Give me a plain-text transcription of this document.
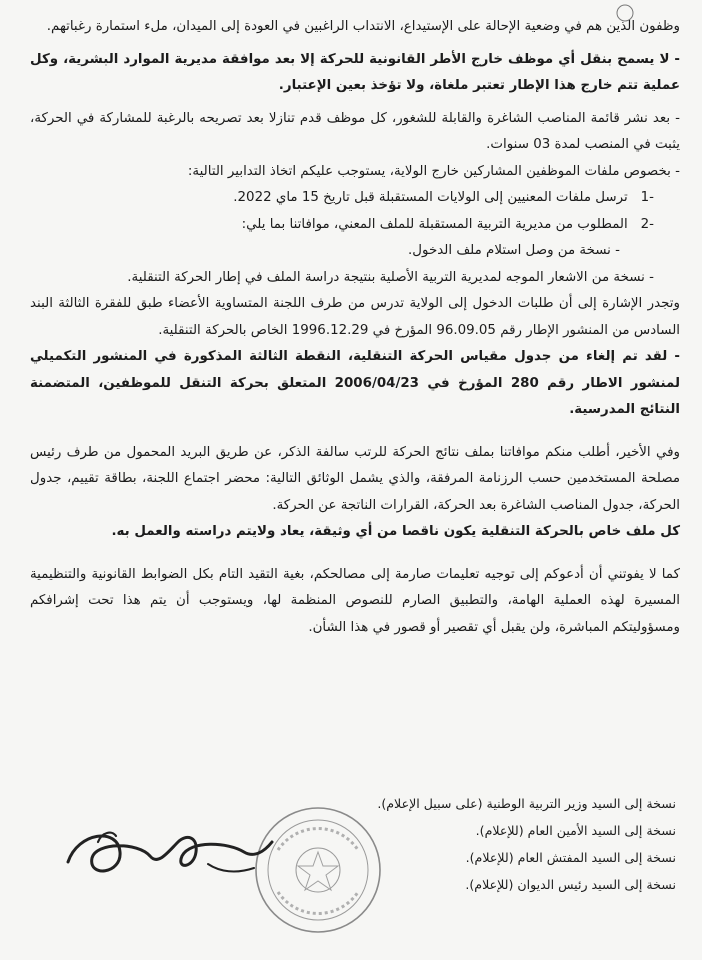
وظفون الذين هم في وضعية الإحالة على الإستيداع، الانتداب الراغبين في العودة إلى الميدان، ملء استمارة رغباتهم.

- لا يسمح بنقل أي موظف خارج الأطر القانونية للحركة إلا بعد موافقة مديرية الموارد البشرية، وكل عملية تتم خارج هذا الإطار تعتبر ملغاة، ولا تؤخذ بعين الإعتبار.

- بعد نشر قائمة المناصب الشاغرة والقابلة للشغور، كل موظف قدم تنازلا بعد تصريحه بالرغبة للمشاركة في الحركة، يثبت في المنصب لمدة 03 سنوات.

- بخصوص ملفات الموظفين المشاركين خارج الولاية، يستوجب عليكم اتخاذ التدابير التالية:

-1 ترسل ملفات المعنيين إلى الولايات المستقبلة قبل تاريخ 15 ماي 2022.

-2 المطلوب من مديرية التربية المستقبلة للملف المعني، موافاتنا بما يلي:

- نسخة من وصل استلام ملف الدخول.

- نسخة من الاشعار الموجه لمديرية التربية الأصلية بنتيجة دراسة الملف في إطار الحركة التنقلية.

وتجدر الإشارة إلى أن طلبات الدخول إلى الولاية تدرس من طرف اللجنة المتساوية الأعضاء طبق للفقرة الثالثة البند السادس من المنشور الإطار رقم 96.09.05 المؤرخ في 1996.12.29 الخاص بالحركة التنقلية.

- لقد تم إلغاء من جدول مقياس الحركة التنقلية، النقطة الثالثة المذكورة في المنشور التكميلي لمنشور الاطار رقم 280 المؤرخ في 2006/04/23 المتعلق بحركة التنقل للموظفين، المتضمنة النتائج المدرسية.

وفي الأخير، أطلب منكم موافاتنا بملف نتائج الحركة للرتب سالفة الذكر، عن طريق البريد المحمول من طرف رئيس مصلحة المستخدمين حسب الرزنامة المرفقة، والذي يشمل الوثائق التالية: محضر اجتماع اللجنة، بطاقة تقييم، جدول الحركة، جدول المناصب الشاغرة بعد الحركة، القرارات الناتجة عن الحركة.

كل ملف خاص بالحركة التنقلية يكون ناقصا من أي وثيقة، يعاد ولايتم دراسته والعمل به.

كما لا يفوتني أن أدعوكم إلى توجيه تعليمات صارمة إلى مصالحكم، بغية التقيد التام بكل الضوابط القانونية والتنظيمية المسيرة لهذه العملية الهامة، والتطبيق الصارم للنصوص المنظمة لها، ويستوجب أن يتم هذا تحت إشرافكم ومسؤوليتكم المباشرة، ولن يقبل أي تقصير أو قصور في هذا الشأن.

نسخة إلى السيد وزير التربية الوطنية (على سبيل الإعلام).
نسخة إلى السيد الأمين العام (للإعلام).
نسخة إلى السيد المفتش العام (للإعلام).
نسخة إلى السيد رئيس الديوان (للإعلام).
